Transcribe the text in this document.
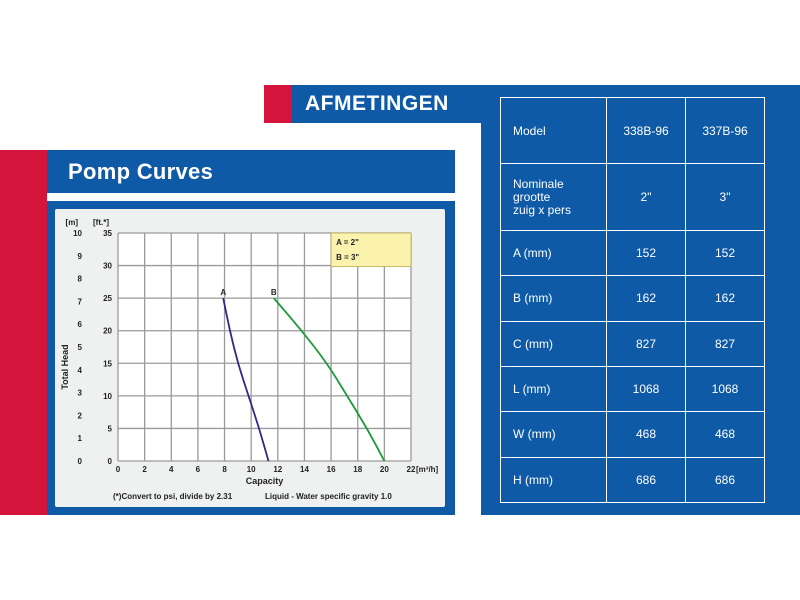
AFMETINGEN
Model	338B-96	337B-96
Nominale
grootte
zuig x pers	2"	3"
A (mm)	152	152
B (mm)	162	162
C (mm)	827	827
L (mm)	1068	1068
W (mm)	468	468
H (mm)	686	686
Pomp Curves
0	2	4	6	8 10 12 14 16 18 20 22
0
5
10
15
20
25
30
35
0
1
2
3
4
5
6
7
8
9
10
[m] [ft.*]
[m³/h]
Capacity
Total Head
A = 2"
B = 3"
A	B
(*)Convert to psi, divide by 2.31	Liquid - Water specific gravity 1.0
